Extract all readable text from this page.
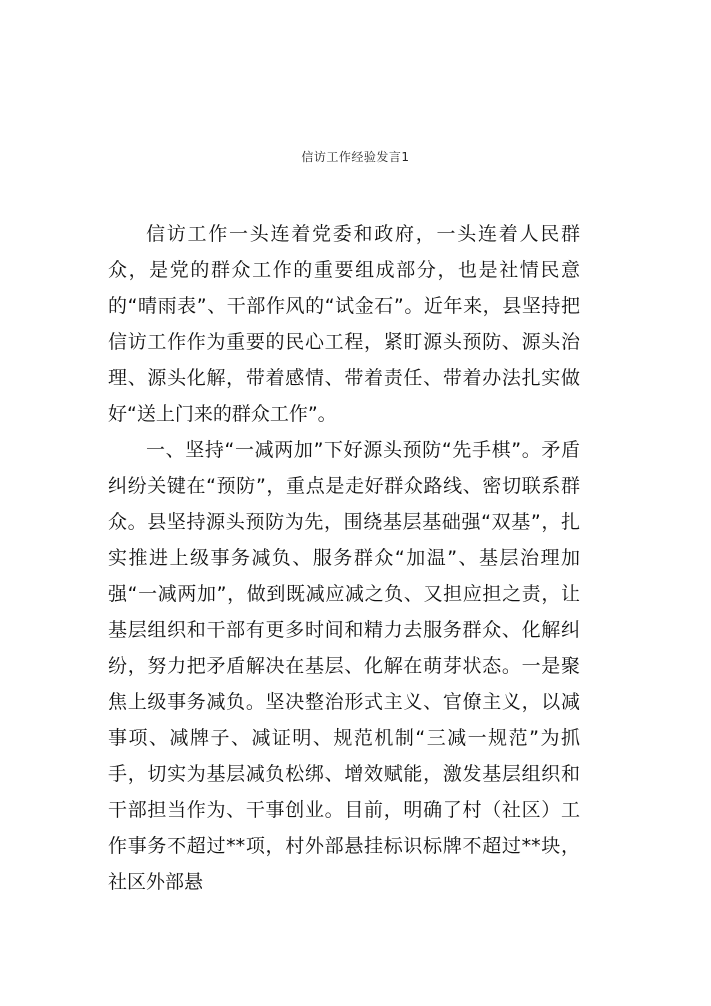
信访工作经验发言1

信访工作一头连着党委和政府，一头连着人民群众，是党的群众工作的重要组成部分，也是社情民意的“晴雨表”、干部作风的“试金石”。近年来，县坚持把信访工作作为重要的民心工程，紧盯源头预防、源头治理、源头化解，带着感情、带着责任、带着办法扎实做好“送上门来的群众工作”。

一、坚持“一减两加”下好源头预防“先手棋”。矛盾纠纷关键在“预防”，重点是走好群众路线、密切联系群众。县坚持源头预防为先，围绕基层基础强“双基”，扎实推进上级事务减负、服务群众“加温”、基层治理加强“一减两加”，做到既减应减之负、又担应担之责，让基层组织和干部有更多时间和精力去服务群众、化解纠纷，努力把矛盾解决在基层、化解在萌芽状态。一是聚焦上级事务减负。坚决整治形式主义、官僚主义，以减事项、减牌子、减证明、规范机制“三减一规范”为抓手，切实为基层减负松绑、增效赋能，激发基层组织和干部担当作为、干事创业。目前，明确了村（社区）工作事务不超过**项，村外部悬挂标识标牌不超过**块，社区外部悬
